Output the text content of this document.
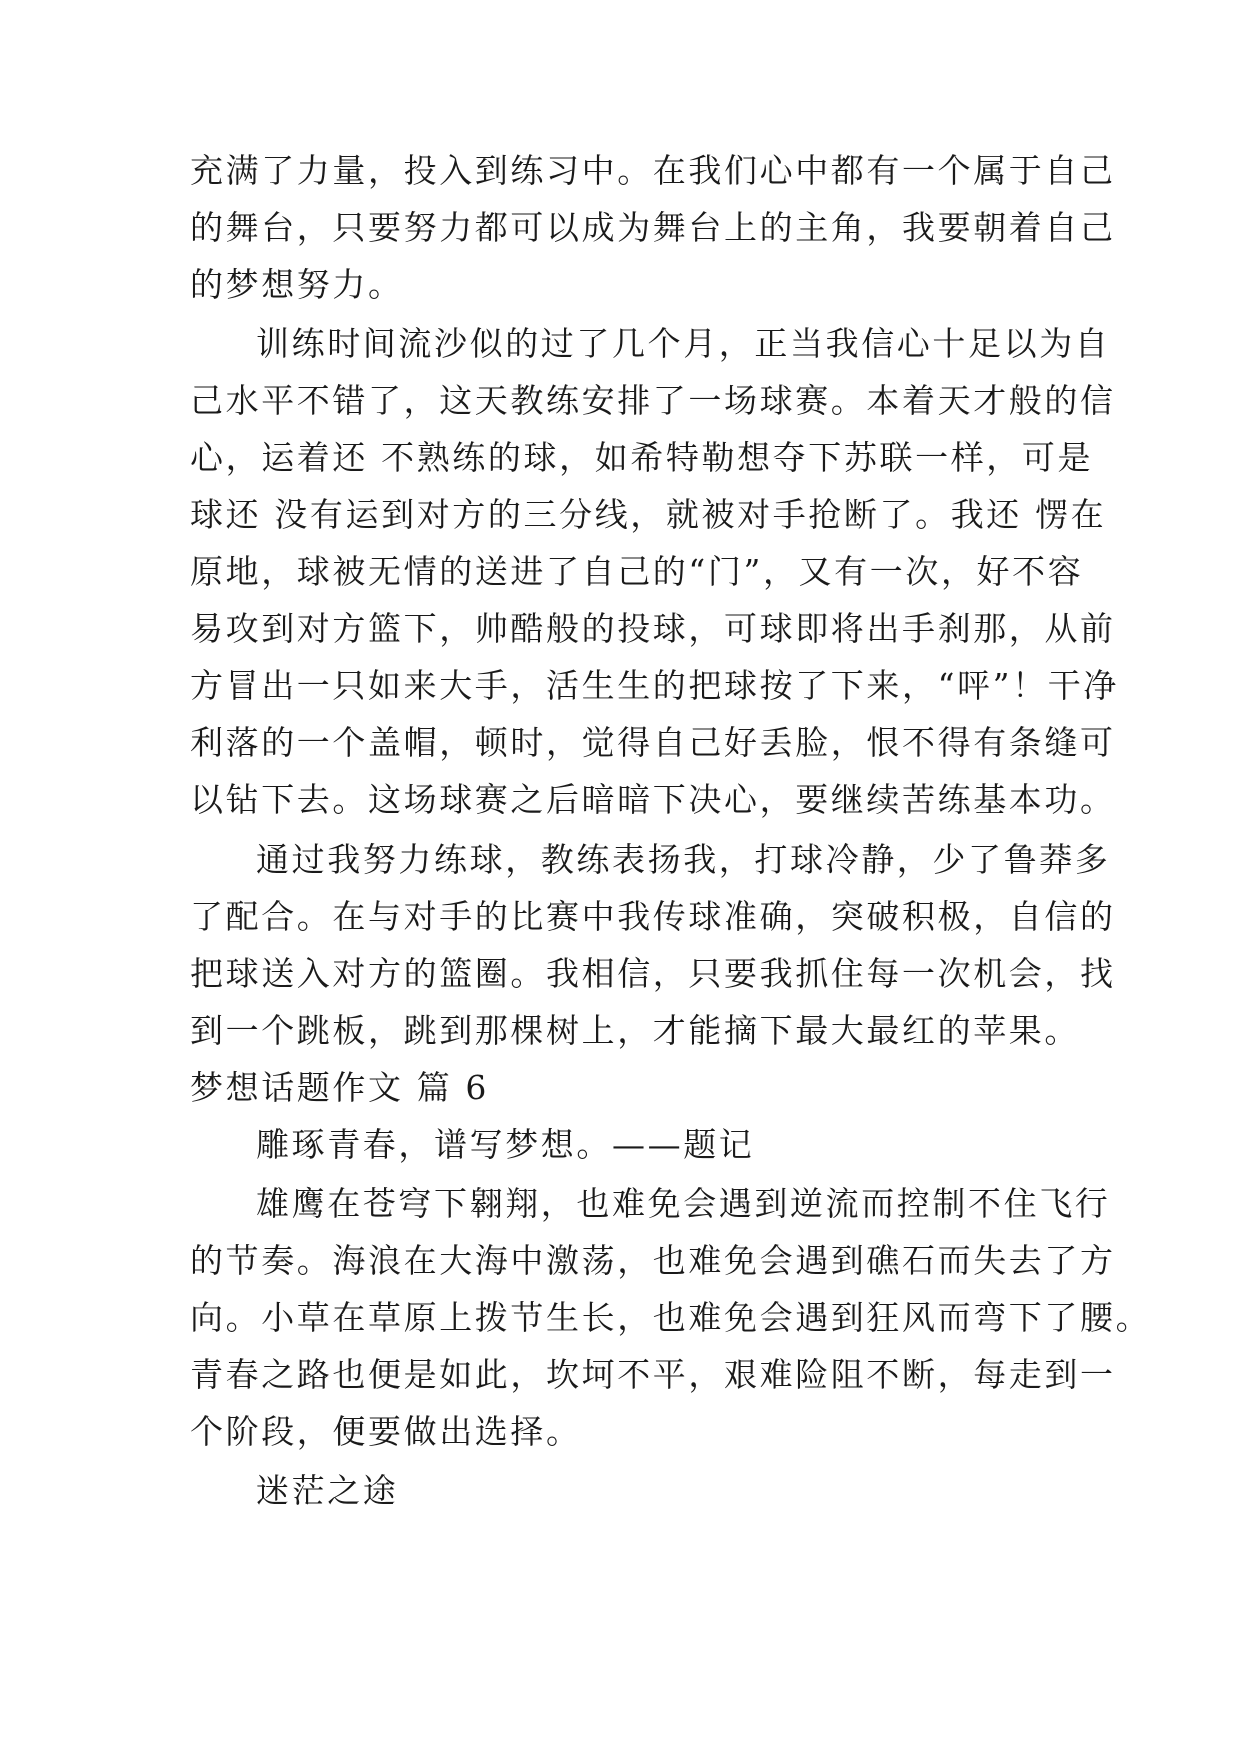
充满了力量，投入到练习中。在我们心中都有一个属于自己
的舞台，只要努力都可以成为舞台上的主角，我要朝着自己
的梦想努力。
训练时间流沙似的过了几个月，正当我信心十足以为自
己水平不错了，这天教练安排了一场球赛。本着天才般的信
心，运着还 不熟练的球，如希特勒想夺下苏联一样，可是
球还 没有运到对方的三分线，就被对手抢断了。我还 愣在
原地，球被无情的送进了自己的“门”，又有一次，好不容
易攻到对方篮下，帅酷般的投球，可球即将出手刹那，从前
方冒出一只如来大手，活生生的把球按了下来，“呯”！干净
利落的一个盖帽，顿时，觉得自己好丢脸，恨不得有条缝可
以钻下去。这场球赛之后暗暗下决心，要继续苦练基本功。
通过我努力练球，教练表扬我，打球冷静，少了鲁莽多
了配合。在与对手的比赛中我传球准确，突破积极，自信的
把球送入对方的篮圈。我相信，只要我抓住每一次机会，找
到一个跳板，跳到那棵树上，才能摘下最大最红的苹果。
梦想话题作文 篇 6
雕琢青春，谱写梦想。——题记
雄鹰在苍穹下翱翔，也难免会遇到逆流而控制不住飞行
的节奏。海浪在大海中激荡，也难免会遇到礁石而失去了方
向。小草在草原上拨节生长，也难免会遇到狂风而弯下了腰。
青春之路也便是如此，坎坷不平，艰难险阻不断，每走到一
个阶段，便要做出选择。
迷茫之途
